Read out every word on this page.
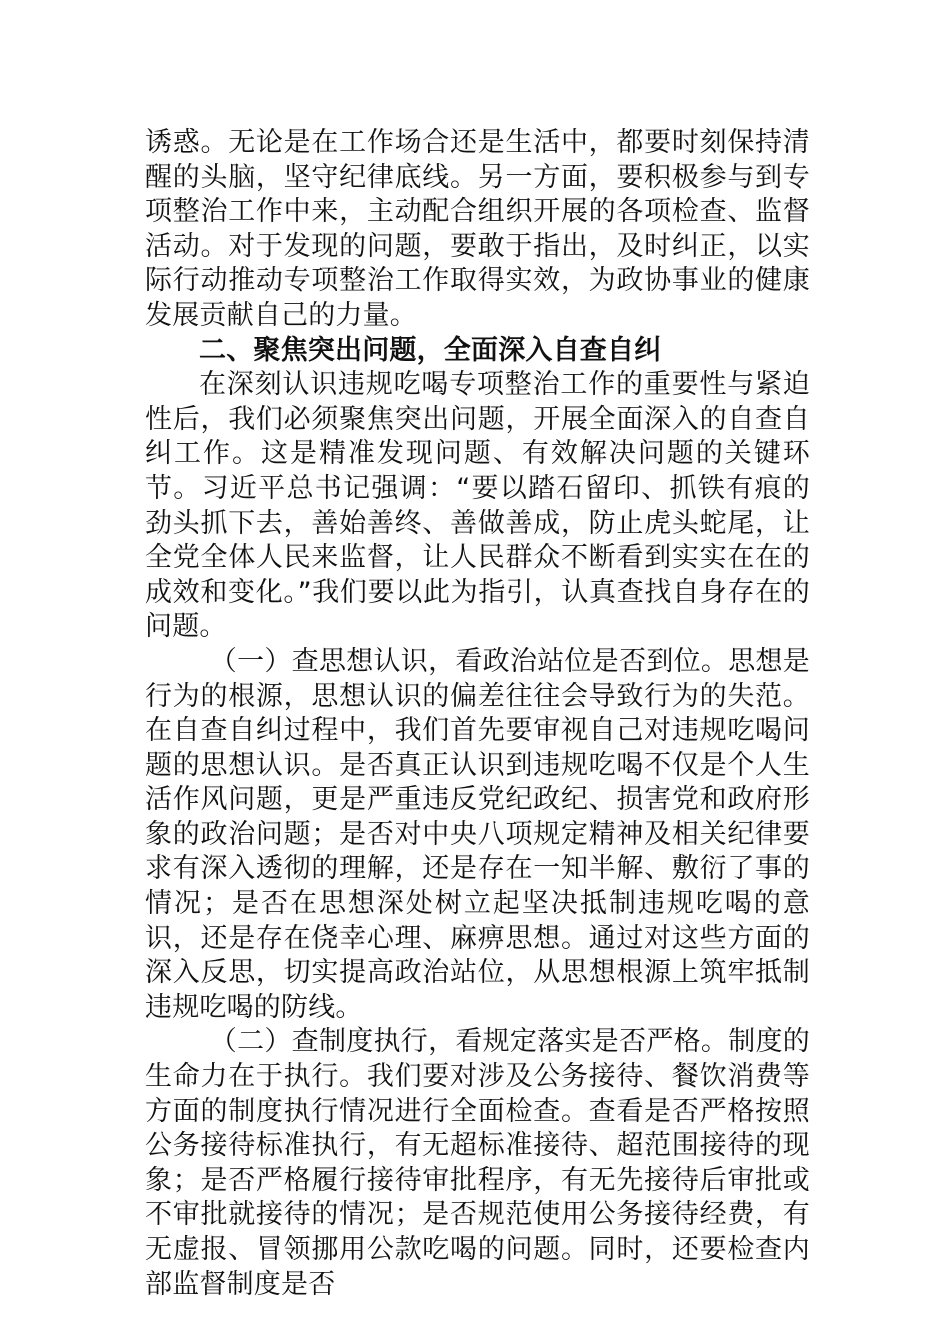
诱惑。无论是在工作场合还是生活中，都要时刻保持清醒的头脑，坚守纪律底线。另一方面，要积极参与到专项整治工作中来，主动配合组织开展的各项检查、监督活动。对于发现的问题，要敢于指出，及时纠正，以实际行动推动专项整治工作取得实效，为政协事业的健康发展贡献自己的力量。

二、聚焦突出问题，全面深入自查自纠

在深刻认识违规吃喝专项整治工作的重要性与紧迫性后，我们必须聚焦突出问题，开展全面深入的自查自纠工作。这是精准发现问题、有效解决问题的关键环节。习近平总书记强调：“要以踏石留印、抓铁有痕的劲头抓下去，善始善终、善做善成，防止虎头蛇尾，让全党全体人民来监督，让人民群众不断看到实实在在的成效和变化。”我们要以此为指引，认真查找自身存在的问题。

（一）查思想认识，看政治站位是否到位。思想是行为的根源，思想认识的偏差往往会导致行为的失范。在自查自纠过程中，我们首先要审视自己对违规吃喝问题的思想认识。是否真正认识到违规吃喝不仅是个人生活作风问题，更是严重违反党纪政纪、损害党和政府形象的政治问题；是否对中央八项规定精神及相关纪律要求有深入透彻的理解，还是存在一知半解、敷衍了事的情况；是否在思想深处树立起坚决抵制违规吃喝的意识，还是存在侥幸心理、麻痹思想。通过对这些方面的深入反思，切实提高政治站位，从思想根源上筑牢抵制违规吃喝的防线。

（二）查制度执行，看规定落实是否严格。制度的生命力在于执行。我们要对涉及公务接待、餐饮消费等方面的制度执行情况进行全面检查。查看是否严格按照公务接待标准执行，有无超标准接待、超范围接待的现象；是否严格履行接待审批程序，有无先接待后审批或不审批就接待的情况；是否规范使用公务接待经费，有无虚报、冒领挪用公款吃喝的问题。同时，还要检查内部监督制度是否
